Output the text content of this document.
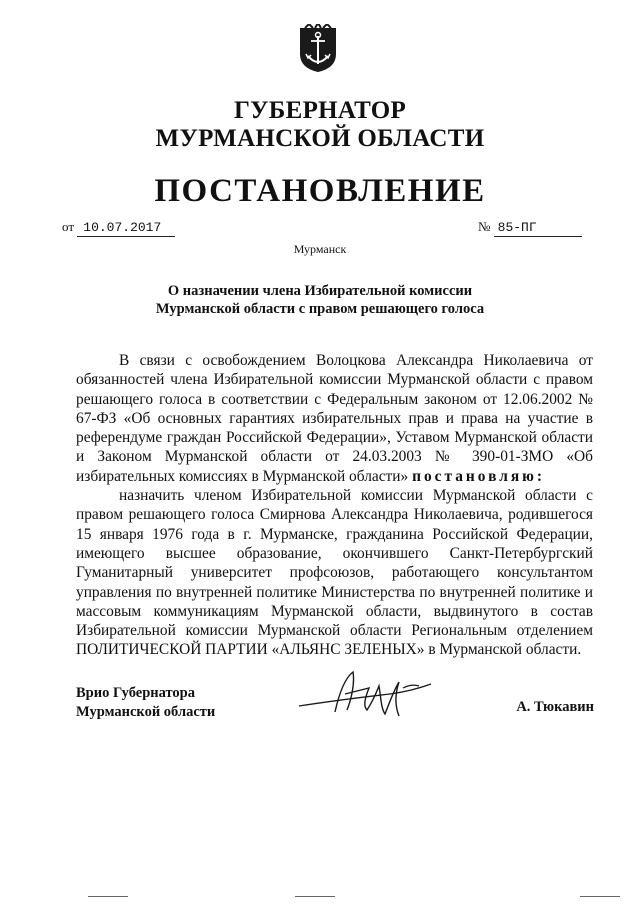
ГУБЕРНАТОР
МУРМАНСКОЙ ОБЛАСТИ
ПОСТАНОВЛЕНИЕ
от 10.07.2017	№ 85-ПГ
Мурманск
О назначении члена Избирательной комиссии
Мурманской области с правом решающего голоса

В связи с освобождением Волоцкова Александра Николаевича от обязанностей члена Избирательной комиссии Мурманской области с правом решающего голоса в соответствии с Федеральным законом от 12.06.2002 № 67-ФЗ «Об основных гарантиях избирательных прав и права на участие в референдуме граждан Российской Федерации», Уставом Мурманской области и Законом Мурманской области от 24.03.2003 № 390-01-ЗМО «Об избирательных комиссиях в Мурманской области» постановляю:

назначить членом Избирательной комиссии Мурманской области с правом решающего голоса Смирнова Александра Николаевича, родившегося 15 января 1976 года в г. Мурманске, гражданина Российской Федерации, имеющего высшее образование, окончившего Санкт-Петербургский Гуманитарный университет профсоюзов, работающего консультантом управления по внутренней политике Министерства по внутренней политике и массовым коммуникациям Мурманской области, выдвинутого в состав Избирательной комиссии Мурманской области Региональным отделением ПОЛИТИЧЕСКОЙ ПАРТИИ «АЛЬЯНС ЗЕЛЕНЫХ» в Мурманской области.

Врио Губернатора
Мурманской области	А. Тюкавин
